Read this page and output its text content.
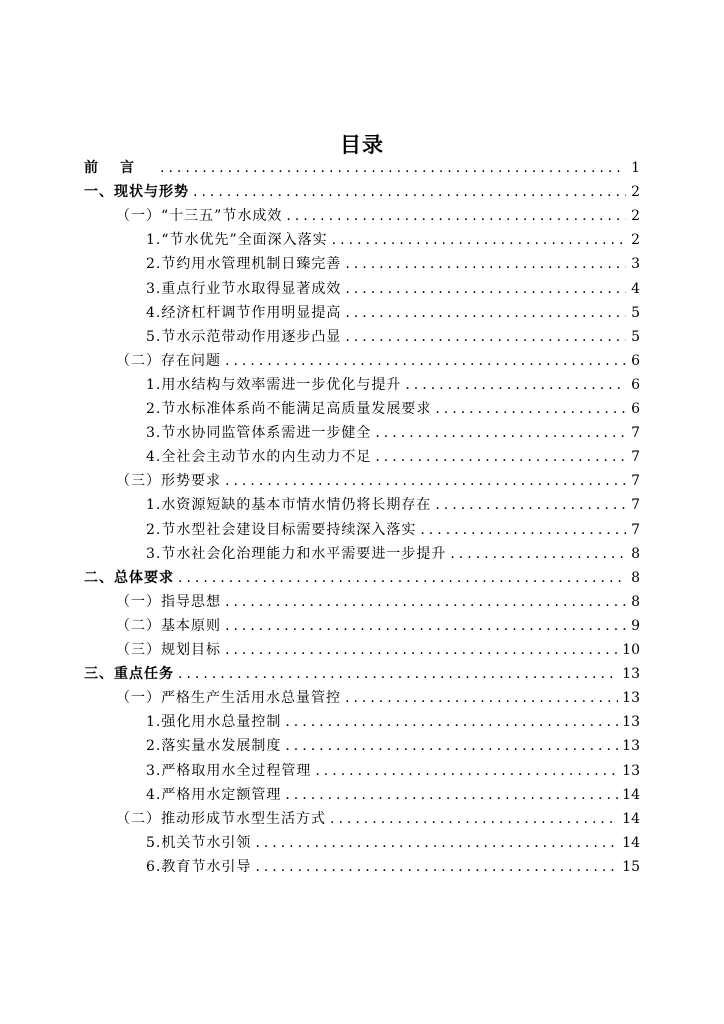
目录
前言 .....	1
一、现状与形势 .....	2
（一）“十三五”节水成效 .....	2
1.“节水优先”全面深入落实 .....	2
2.节约用水管理机制日臻完善 .....	3
3.重点行业节水取得显著成效 .....	4
4.经济杠杆调节作用明显提高 .....	5
5.节水示范带动作用逐步凸显 .....	5
（二）存在问题 .....	6
1.用水结构与效率需进一步优化与提升 .....	6
2.节水标准体系尚不能满足高质量发展要求 .....	6
3.节水协同监管体系需进一步健全 .....	7
4.全社会主动节水的内生动力不足 .....	7
（三）形势要求 .....	7
1.水资源短缺的基本市情水情仍将长期存在 .....	7
2.节水型社会建设目标需要持续深入落实 .....	7
3.节水社会化治理能力和水平需要进一步提升 .....	8
二、总体要求 .....	8
（一）指导思想 .....	8
（二）基本原则 .....	9
（三）规划目标 .....	10
三、重点任务 .....	13
（一）严格生产生活用水总量管控 .....	13
1.强化用水总量控制 .....	13
2.落实量水发展制度 .....	13
3.严格取用水全过程管理 .....	13
4.严格用水定额管理 .....	14
（二）推动形成节水型生活方式 .....	14
5.机关节水引领 .....	14
6.教育节水引导 .....	15
